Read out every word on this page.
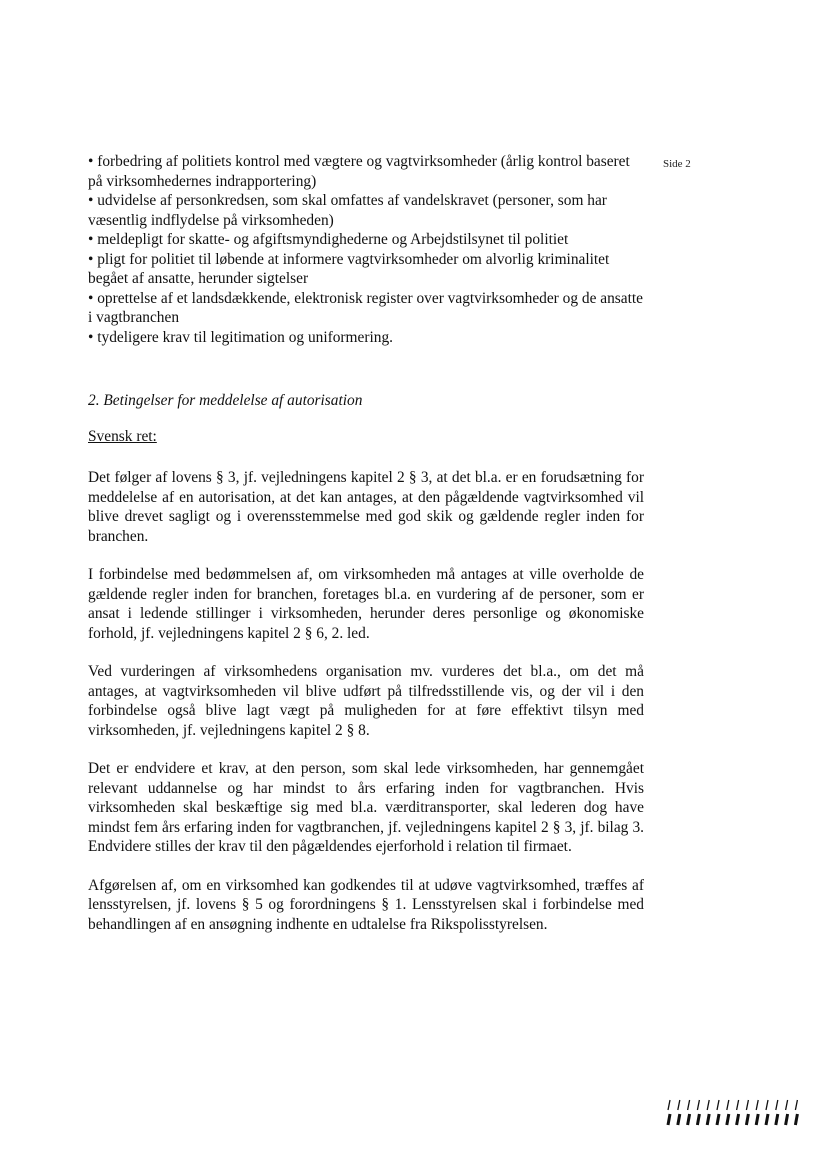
Side 2
• forbedring af politiets kontrol med vægtere og vagtvirksomheder (årlig kontrol baseret på virksomhedernes indrapportering)
• udvidelse af personkredsen, som skal omfattes af vandelskravet (personer, som har væsentlig indflydelse på virksomheden)
• meldepligt for skatte- og afgiftsmyndighederne og Arbejdstilsynet til politiet
• pligt for politiet til løbende at informere vagtvirksomheder om alvorlig kriminalitet begået af ansatte, herunder sigtelser
• oprettelse af et landsdækkende, elektronisk register over vagtvirksomheder og de ansatte i vagtbranchen
• tydeligere krav til legitimation og uniformering.
2. Betingelser for meddelelse af autorisation
Svensk ret:

Det følger af lovens § 3, jf. vejledningens kapitel 2 § 3, at det bl.a. er en forudsætning for meddelelse af en autorisation, at det kan antages, at den pågældende vagtvirksomhed vil blive drevet sagligt og i overensstemmelse med god skik og gældende regler inden for branchen.

I forbindelse med bedømmelsen af, om virksomheden må antages at ville overholde de gældende regler inden for branchen, foretages bl.a. en vurdering af de personer, som er ansat i ledende stillinger i virksomheden, herunder deres personlige og økonomiske forhold, jf. vejledningens kapitel 2 § 6, 2. led.

Ved vurderingen af virksomhedens organisation mv. vurderes det bl.a., om det må antages, at vagtvirksomheden vil blive udført på tilfredsstillende vis, og der vil i den forbindelse også blive lagt vægt på muligheden for at føre effektivt tilsyn med virksomheden, jf. vejledningens kapitel 2 § 8.

Det er endvidere et krav, at den person, som skal lede virksomheden, har gennemgået relevant uddannelse og har mindst to års erfaring inden for vagtbranchen. Hvis virksomheden skal beskæftige sig med bl.a. værditransporter, skal lederen dog have mindst fem års erfaring inden for vagtbranchen, jf. vejledningens kapitel 2 § 3, jf. bilag 3. Endvidere stilles der krav til den pågældendes ejerforhold i relation til firmaet.

Afgørelsen af, om en virksomhed kan godkendes til at udøve vagtvirksomhed, træffes af lensstyrelsen, jf. lovens § 5 og forordningens § 1. Lensstyrelsen skal i forbindelse med behandlingen af en ansøgning indhente en udtalelse fra Rikspolisstyrelsen.
